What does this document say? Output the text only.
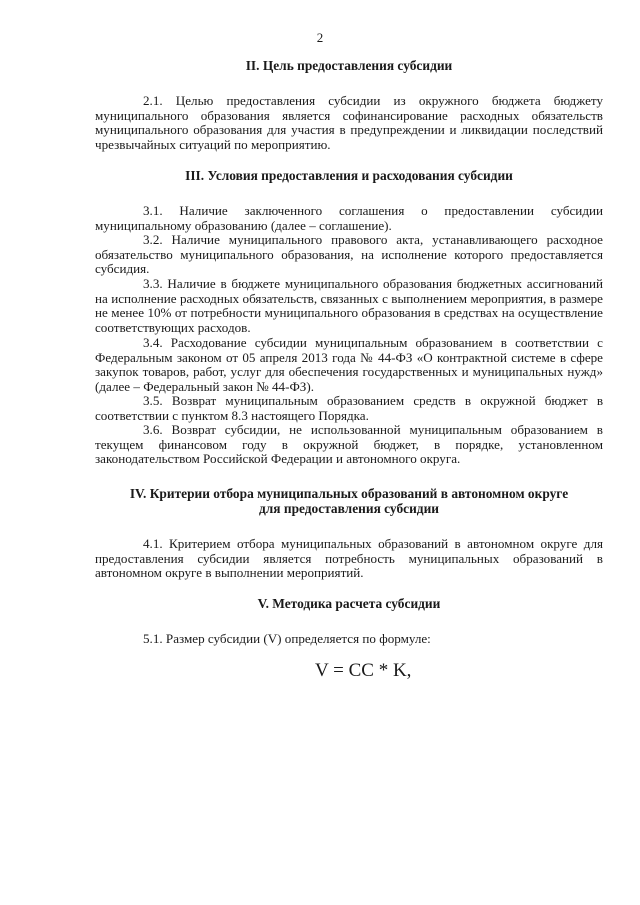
2
II. Цель предоставления субсидии

2.1. Целью предоставления субсидии из окружного бюджета бюджету муниципального образования является софинансирование расходных обязательств муниципального образования для участия в предупреждении и ликвидации последствий чрезвычайных ситуаций по мероприятию.

III. Условия предоставления и расходования субсидии

3.1. Наличие заключенного соглашения о предоставлении субсидии муниципальному образованию (далее – соглашение).

3.2. Наличие муниципального правового акта, устанавливающего расходное обязательство муниципального образования, на исполнение которого предоставляется субсидия.

3.3. Наличие в бюджете муниципального образования бюджетных ассигнований на исполнение расходных обязательств, связанных с выполнением мероприятия, в размере не менее 10% от потребности муниципального образования в средствах на осуществление соответствующих расходов.

3.4. Расходование субсидии муниципальным образованием в соответствии с Федеральным законом от 05 апреля 2013 года № 44-ФЗ «О контрактной системе в сфере закупок товаров, работ, услуг для обеспечения государственных и муниципальных нужд» (далее – Федеральный закон № 44-ФЗ).

3.5. Возврат муниципальным образованием средств в окружной бюджет в соответствии с пунктом 8.3 настоящего Порядка.

3.6. Возврат субсидии, не использованной муниципальным образованием в текущем финансовом году в окружной бюджет, в порядке, установленном законодательством Российской Федерации и автономного округа.

IV. Критерии отбора муниципальных образований в автономном округе
для предоставления субсидии

4.1. Критерием отбора муниципальных образований в автономном округе для предоставления субсидии является потребность муниципальных образований в автономном округе в выполнении мероприятий.

V. Методика расчета субсидии

5.1. Размер субсидии (V) определяется по формуле:

V = CC * K,
